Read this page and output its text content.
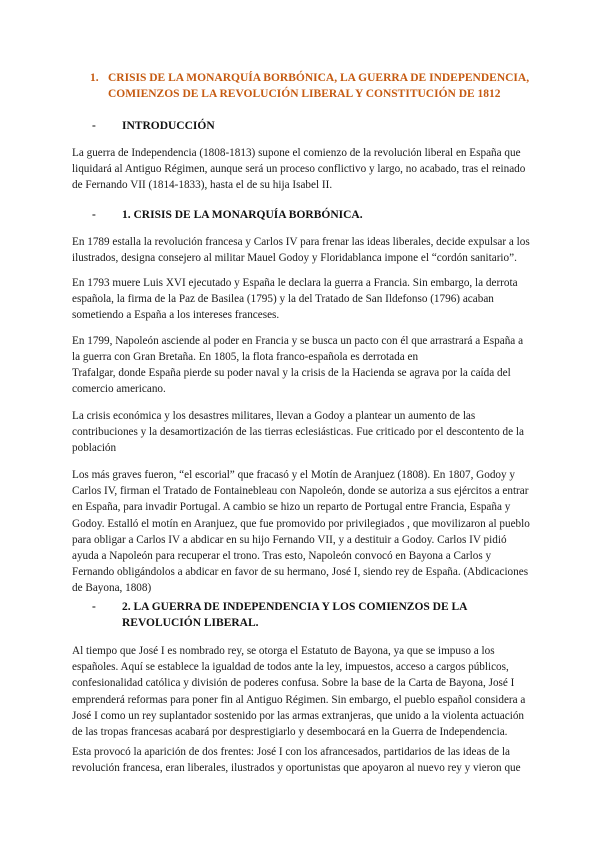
1. CRISIS DE LA MONARQUÍA BORBÓNICA, LA GUERRA DE INDEPENDENCIA, COMIENZOS DE LA REVOLUCIÓN LIBERAL Y CONSTITUCIÓN DE 1812
- INTRODUCCIÓN
La guerra de Independencia (1808-1813) supone el comienzo de la revolución liberal en España que liquidará al Antiguo Régimen, aunque será un proceso conflictivo y largo, no acabado, tras el reinado de Fernando VII (1814-1833), hasta el de su hija Isabel II.
- 1. CRISIS DE LA MONARQUÍA BORBÓNICA.
En 1789 estalla la revolución francesa y Carlos IV para frenar las ideas liberales, decide expulsar a los ilustrados, designa consejero al militar Mauel Godoy y Floridablanca impone el “cordón sanitario”.
En 1793 muere Luis XVI ejecutado y España le declara la guerra a Francia. Sin embargo, la derrota española, la firma de la Paz de Basilea (1795) y la del Tratado de San Ildefonso (1796) acaban sometiendo a España a los intereses franceses.
En 1799, Napoleón asciende al poder en Francia y se busca un pacto con él que arrastrará a España a la guerra con Gran Bretaña. En 1805, la flota franco-española es derrotada en
Trafalgar, donde España pierde su poder naval y la crisis de la Hacienda se agrava por la caída del comercio americano.
La crisis económica y los desastres militares, llevan a Godoy a plantear un aumento de las contribuciones y la desamortización de las tierras eclesiásticas. Fue criticado por el descontento de la población
Los más graves fueron, “el escorial” que fracasó y el Motín de Aranjuez (1808). En 1807, Godoy y Carlos IV, firman el Tratado de Fontainebleau con Napoleón, donde se autoriza a sus ejércitos a entrar en España, para invadir Portugal. A cambio se hizo un reparto de Portugal entre Francia, España y Godoy. Estalló el motín en Aranjuez, que fue promovido por privilegiados , que movilizaron al pueblo para obligar a Carlos IV a abdicar en su hijo Fernando VII, y a destituir a Godoy. Carlos IV pidió ayuda a Napoleón para recuperar el trono. Tras esto, Napoleón convocó en Bayona a Carlos y Fernando obligándolos a abdicar en favor de su hermano, José I, siendo rey de España. (Abdicaciones de Bayona, 1808)
- 2. LA GUERRA DE INDEPENDENCIA Y LOS COMIENZOS DE LA REVOLUCIÓN LIBERAL.
Al tiempo que José I es nombrado rey, se otorga el Estatuto de Bayona, ya que se impuso a los españoles. Aquí se establece la igualdad de todos ante la ley, impuestos, acceso a cargos públicos, confesionalidad católica y división de poderes confusa. Sobre la base de la Carta de Bayona, José I emprenderá reformas para poner fin al Antiguo Régimen. Sin embargo, el pueblo español considera a José I como un rey suplantador sostenido por las armas extranjeras, que unido a la violenta actuación de las tropas francesas acabará por desprestigiarlo y desembocará en la Guerra de Independencia.
Esta provocó la aparición de dos frentes: José I con los afrancesados, partidarios de las ideas de la revolución francesa, eran liberales, ilustrados y oportunistas que apoyaron al nuevo rey y vieron que
